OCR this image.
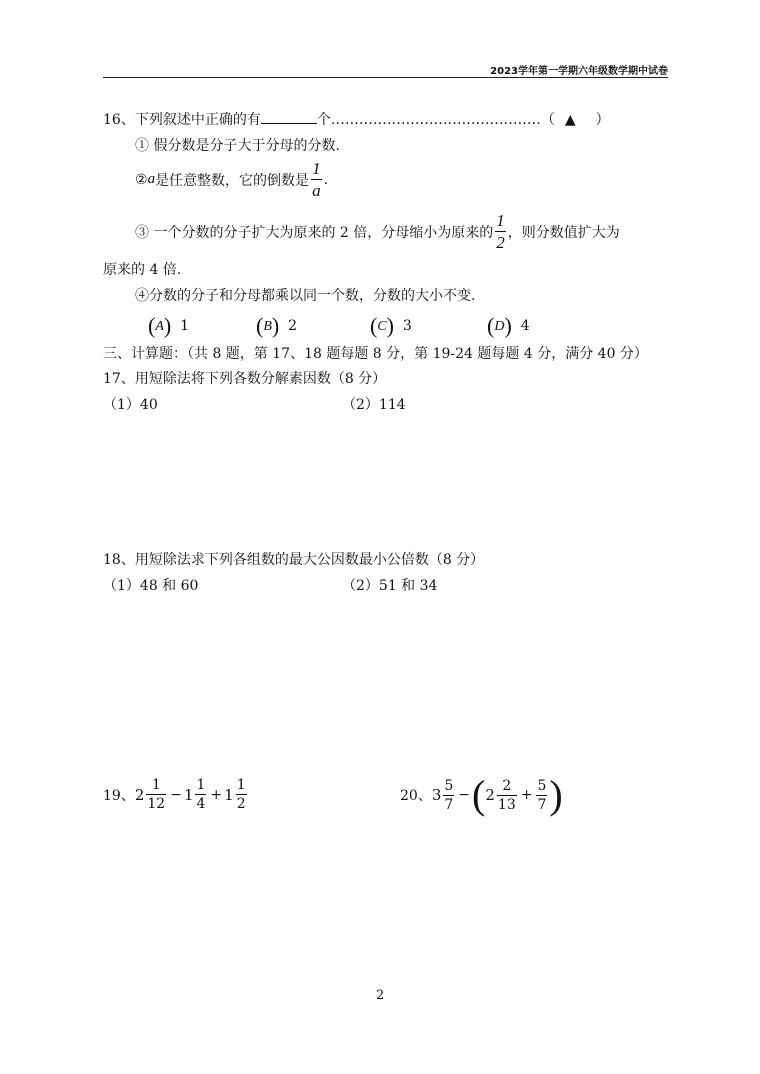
2023学年第一学期六年级数学期中试卷
16、下列叙述中正确的有	个………………………………………（ ▲ ）
① 假分数是分子大于分母的分数.
② a 是任意整数，它的倒数是 $\frac{1}{a}$ .
③ 一个分数的分子扩大为原来的 2 倍，分母缩小为原来的 $\frac{1}{2}$ ，则分数值扩大为
原来的 4 倍.
④分数的分子和分母都乘以同一个数，分数的大小不变.
(A) 1	(B) 2	(C) 3	(D) 4
三、计算题：（共 8 题，第 17、18 题每题 8 分，第 19-24 题每题 4 分，满分 40 分）
17、用短除法将下列各数分解素因数（8 分）
（1）40	（2）114
18、用短除法求下列各组数的最大公因数最小公倍数（8 分）
（1）48 和 60	（2）51 和 34
19、 $2 \frac{1}{12} - 1 \frac{1}{4} + 1 \frac{1}{2}$	20、 $3 \frac{5}{7}$ − ( $2 \frac{2}{13} + \frac{5}{7}$ )
2
